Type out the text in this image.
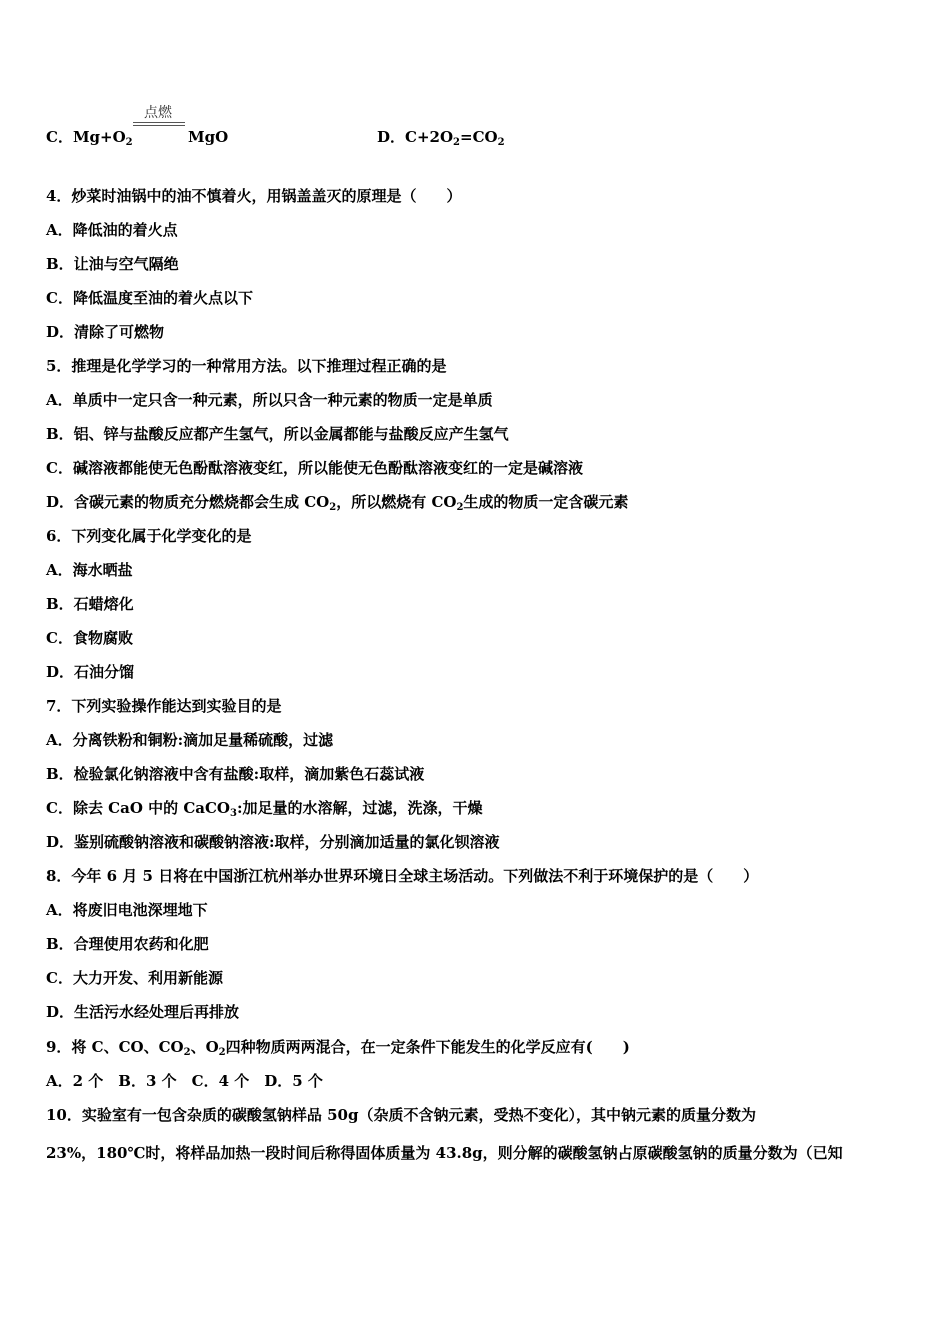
点燃
C．$Mg+O_2$	MgO	D．$C+2O_2=CO_2$
4．炒菜时油锅中的油不慎着火，用锅盖盖灭的原理是（　　）
A．降低油的着火点
B．让油与空气隔绝
C．降低温度至油的着火点以下
D．清除了可燃物
5．推理是化学学习的一种常用方法。以下推理过程正确的是
A．单质中一定只含一种元素，所以只含一种元素的物质一定是单质
B．铝、锌与盐酸反应都产生氢气，所以金属都能与盐酸反应产生氢气
C．碱溶液都能使无色酚酞溶液变红，所以能使无色酚酞溶液变红的一定是碱溶液
D．含碳元素的物质充分燃烧都会生成 $CO_2$，所以燃烧有 $CO_2$生成的物质一定含碳元素
6．下列变化属于化学变化的是
A．海水晒盐
B．石蜡熔化
C．食物腐败
D．石油分馏
7．下列实验操作能达到实验目的是
A．分离铁粉和铜粉:滴加足量稀硫酸，过滤
B．检验氯化钠溶液中含有盐酸:取样，滴加紫色石蕊试液
C．除去 CaO 中的 CaCO$_3$:加足量的水溶解，过滤，洗涤，干燥
D．鉴别硫酸钠溶液和碳酸钠溶液:取样，分别滴加适量的氯化钡溶液
8．今年 6 月 5 日将在中国浙江杭州举办世界环境日全球主场活动。下列做法不利于环境保护的是（　　）
A．将废旧电池深埋地下
B．合理使用农药和化肥
C．大力开发、利用新能源
D．生活污水经处理后再排放
9．将 C、CO、$CO_2$、$O_2$四种物质两两混合，在一定条件下能发生的化学反应有(　　)
A．2 个　B．3 个　C．4 个　D．5 个
10．实验室有一包含杂质的碳酸氢钠样品 50g（杂质不含钠元素，受热不变化），其中钠元素的质量分数为
23%，180℃时，将样品加热一段时间后称得固体质量为 43.8g，则分解的碳酸氢钠占原碳酸氢钠的质量分数为（已知
